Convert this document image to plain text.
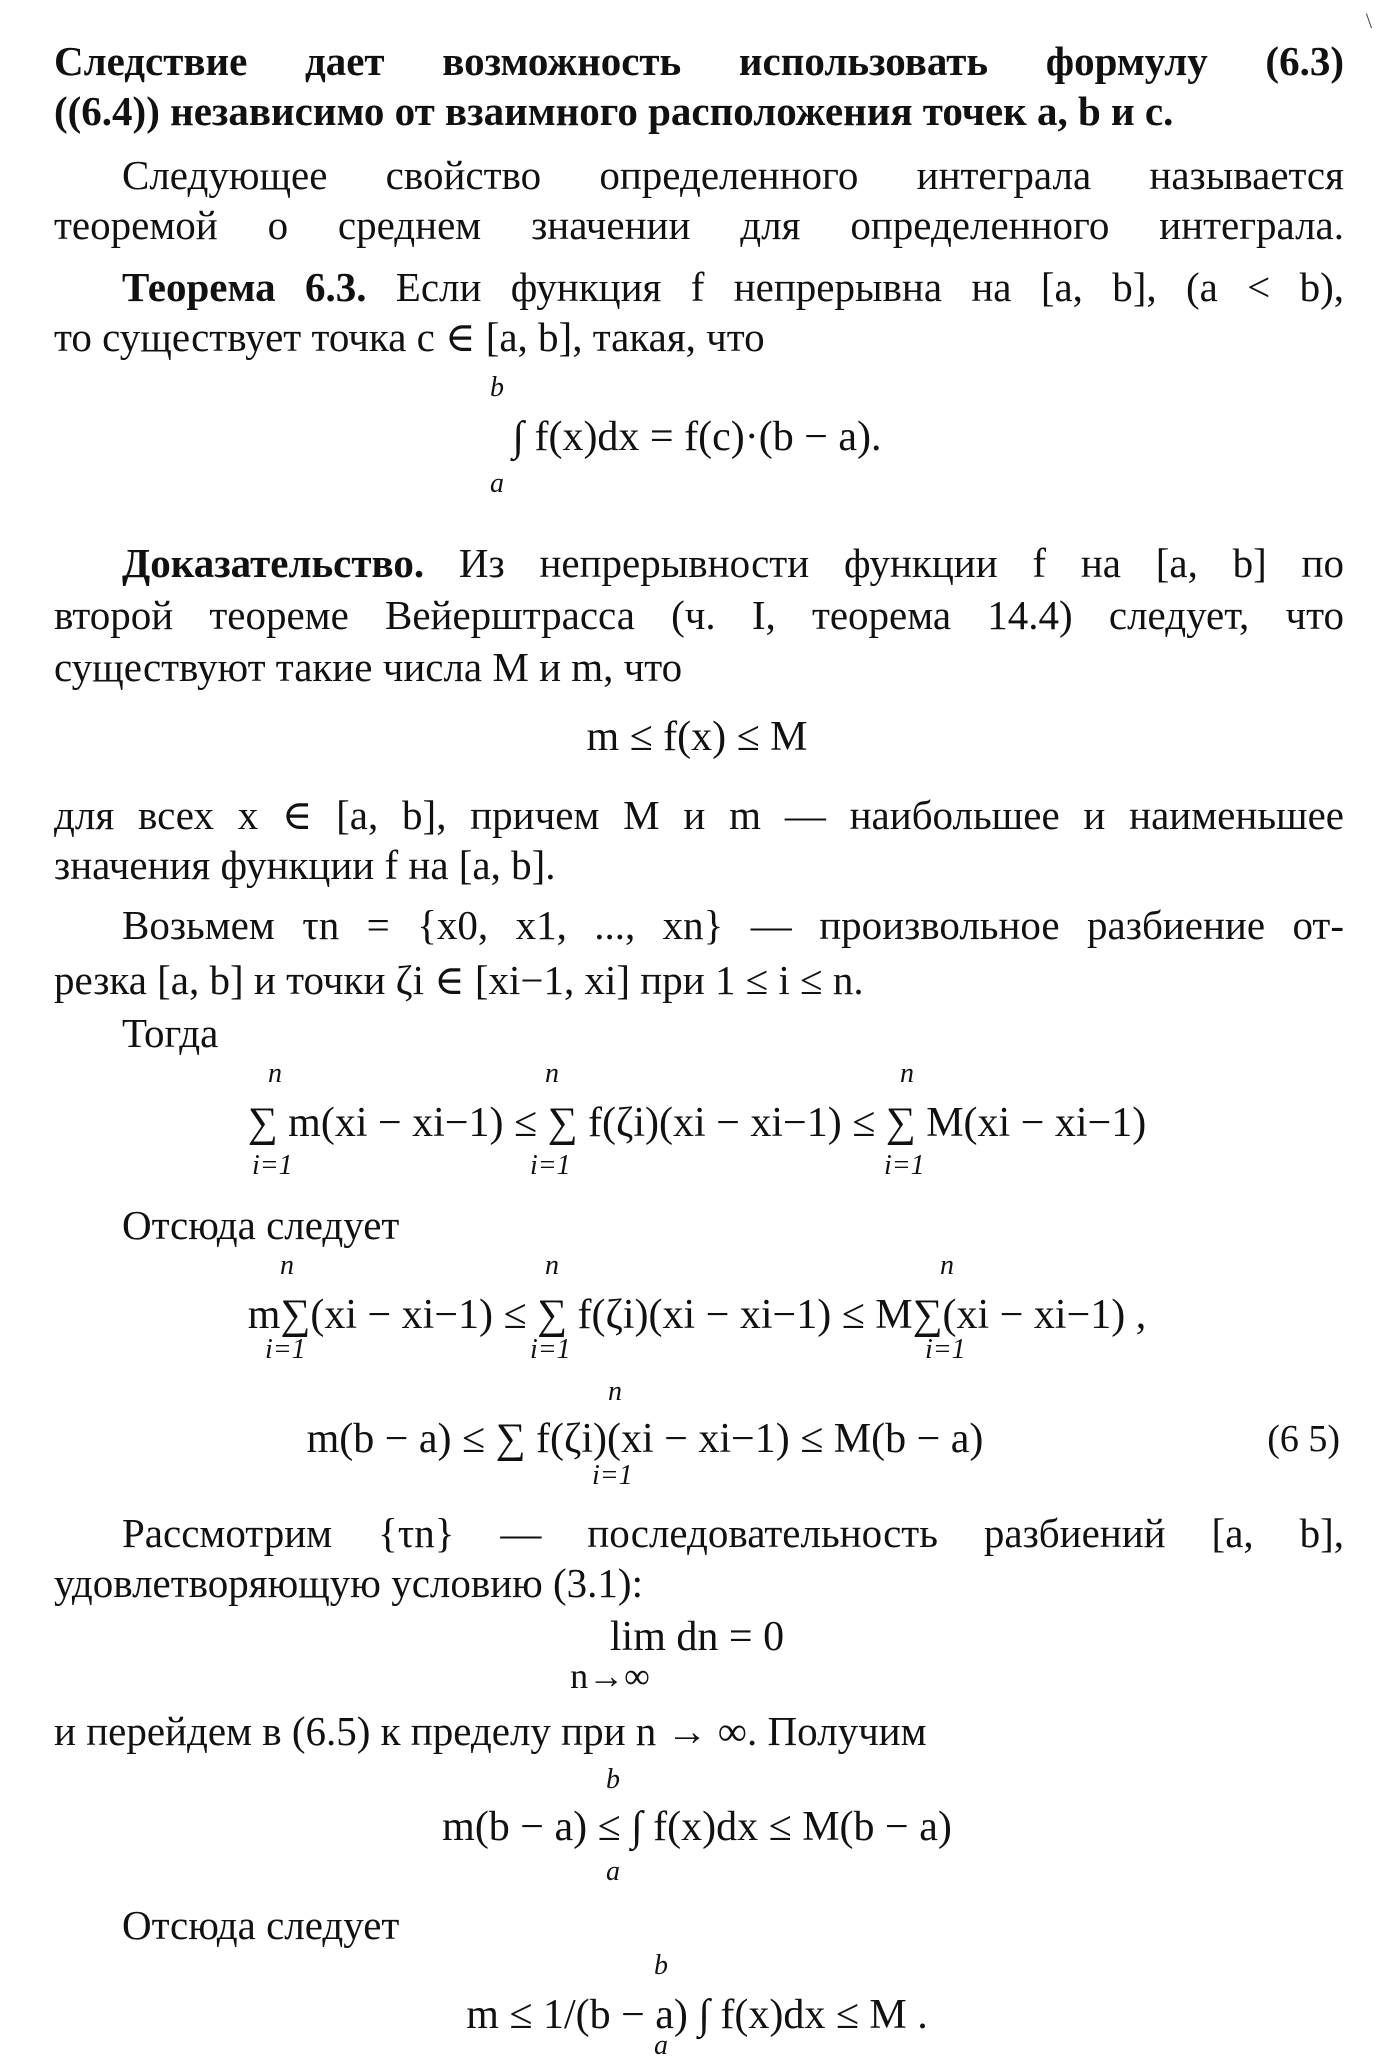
\
Следствие дает возможность использовать формулу (6.3)
((6.4)) независимо от взаимного расположения точек a, b и c.
Следующее свойство определенного интеграла называется
теоремой о среднем значении для определенного интеграла.
Теорема 6.3. Если функция f непрерывна на [a, b], (a < b),
то существует точка c ∈ [a, b], такая, что
b
∫ f(x)dx = f(c)·(b − a).
a
Доказательство. Из непрерывности функции f на [a, b] по
второй теореме Вейерштрасса (ч. I, теорема 14.4) следует, что
существуют такие числа M и m, что
m ≤ f(x) ≤ M
для всех x ∈ [a, b], причем M и m — наибольшее и наименьшее
значения функции f на [a, b].
Возьмем τn = {x0, x1, ..., xn} — произвольное разбиение от-
резка [a, b] и точки ζi ∈ [xi−1, xi] при 1 ≤ i ≤ n.
Тогда
n	n	n
∑ m(xi − xi−1) ≤ ∑ f(ζi)(xi − xi−1) ≤ ∑ M(xi − xi−1)
i=1	i=1	i=1
Отсюда следует
n	n	n
m∑(xi − xi−1) ≤ ∑ f(ζi)(xi − xi−1) ≤ M∑(xi − xi−1) ,
i=1	i=1	i=1
n
m(b − a) ≤ ∑ f(ζi)(xi − xi−1) ≤ M(b − a)	(6 5)
i=1
Рассмотрим {τn} — последовательность разбиений [a, b],
удовлетворяющую условию (3.1):
lim dn = 0
n→∞
и перейдем в (6.5) к пределу при n → ∞. Получим
b
m(b − a) ≤ ∫ f(x)dx ≤ M(b − a)
a
Отсюда следует
b
m ≤ 1/(b − a) ∫ f(x)dx ≤ M .
a
